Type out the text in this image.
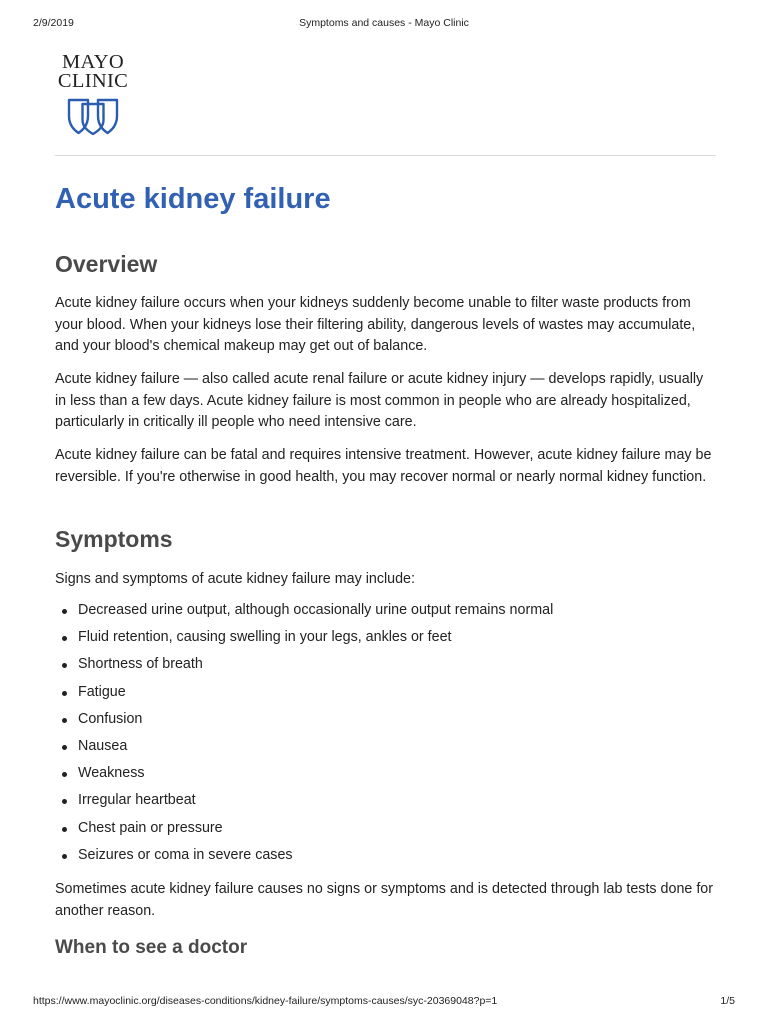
2/9/2019	Symptoms and causes - Mayo Clinic
MAYO
CLINIC
Acute kidney failure
Overview

Acute kidney failure occurs when your kidneys suddenly become unable to filter waste products from your blood. When your kidneys lose their filtering ability, dangerous levels of wastes may accumulate, and your blood's chemical makeup may get out of balance.

Acute kidney failure — also called acute renal failure or acute kidney injury — develops rapidly, usually in less than a few days. Acute kidney failure is most common in people who are already hospitalized, particularly in critically ill people who need intensive care.

Acute kidney failure can be fatal and requires intensive treatment. However, acute kidney failure may be reversible. If you're otherwise in good health, you may recover normal or nearly normal kidney function.

Symptoms

Signs and symptoms of acute kidney failure may include:

Decreased urine output, although occasionally urine output remains normal
Fluid retention, causing swelling in your legs, ankles or feet
Shortness of breath
Fatigue
Confusion
Nausea
Weakness
Irregular heartbeat
Chest pain or pressure
Seizures or coma in severe cases

Sometimes acute kidney failure causes no signs or symptoms and is detected through lab tests done for another reason.

When to see a doctor
https://www.mayoclinic.org/diseases-conditions/kidney-failure/symptoms-causes/syc-20369048?p=1	1/5
